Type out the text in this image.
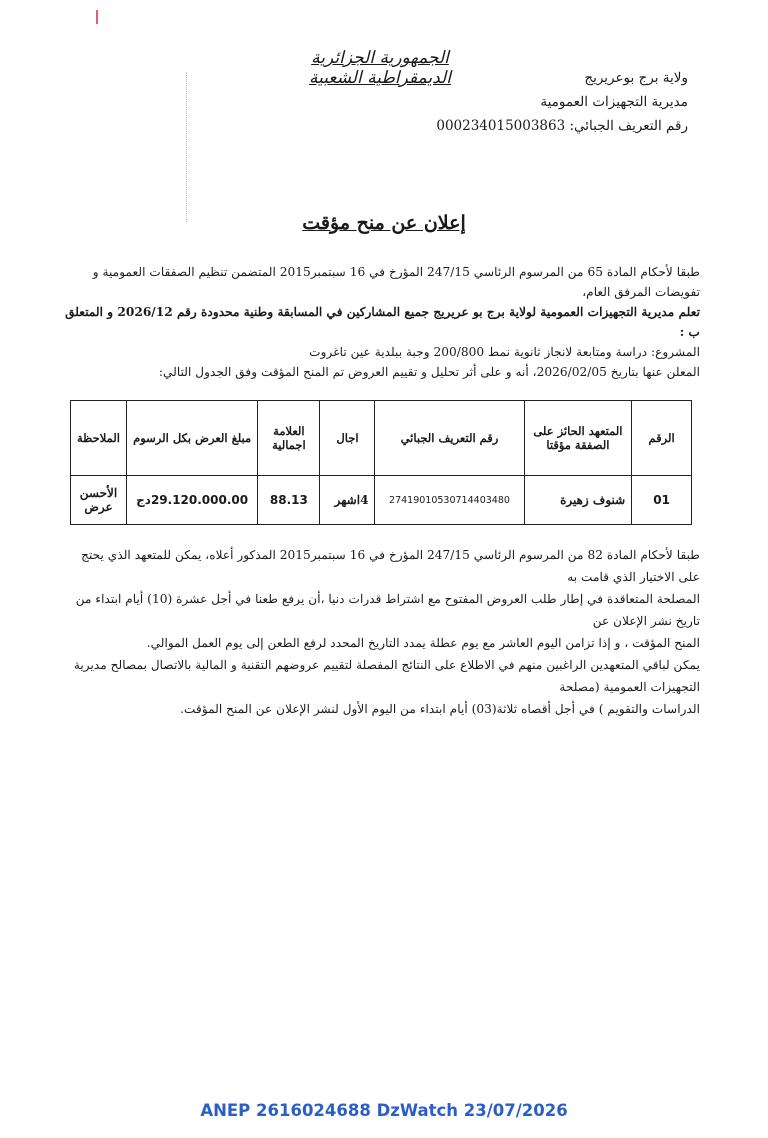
الجمهورية الجزائرية الديمقراطية الشعبية	ولاية برج بوعريريج
مديرية التجهيزات العمومية
رقم التعريف الجبائي: 000234015003863
إعلان عن منح مؤقت
طبقا لأحكام المادة 65 من المرسوم الرئاسي 247/15 المؤرخ في 16 سبتمبر2015 المتضمن تنظيم الصفقات العمومية و تفويضات المرفق العام،
تعلم مديرية التجهيزات العمومية لولاية برج بو عريريج جميع المشاركين في المسابقة وطنية محدودة رقم 2026/12 و المتعلق ب :
المشروع: دراسة ومتابعة لانجاز ثانوية نمط 200/800 وجبة ببلدية عين تاغروت
المعلن عنها بتاريخ 2026/02/05، أنه و على أثر تحليل و تقييم العروض تم المنح المؤقت وفق الجدول التالي:
الرقم	المتعهد الحائز على الصفقة مؤقتا	رقم التعريف الجبائي	اجال	العلامة اجمالية	مبلغ العرض بكل الرسوم	الملاحظة
01	شنوف زهيرة	27419010530714403480	4اشهر	88.13	29.120.000.00دج	الأحسن عرض
طبقا لأحكام المادة 82 من المرسوم الرئاسي 247/15 المؤرخ في 16 سبتمبر2015 المذكور أعلاه، يمكن للمتعهد الذي يحتج على الاختيار الذي قامت به
المصلحة المتعاقدة في إطار طلب العروض المفتوح مع اشتراط قدرات دنيا ،أن يرفع طعنا في أجل عشرة (10) أيام ابتداء من تاريخ نشر الإعلان عن
المنح المؤقت ، و إذا تزامن اليوم العاشر مع يوم عطلة يمدد التاريخ المحدد لرفع الطعن إلى يوم العمل الموالي.
يمكن لباقي المتعهدين الراغبين منهم في الاطلاع على النتائج المفصلة لتقييم عروضهم التقنية و المالية بالاتصال بمصالح مديرية التجهيزات العمومية (مصلحة
الدراسات والتقويم ) في أجل أقصاه ثلاثة(03) أيام ابتداء من اليوم الأول لنشر الإعلان عن المنح المؤقت.
ANEP 2616024688 DzWatch 23/07/2026
